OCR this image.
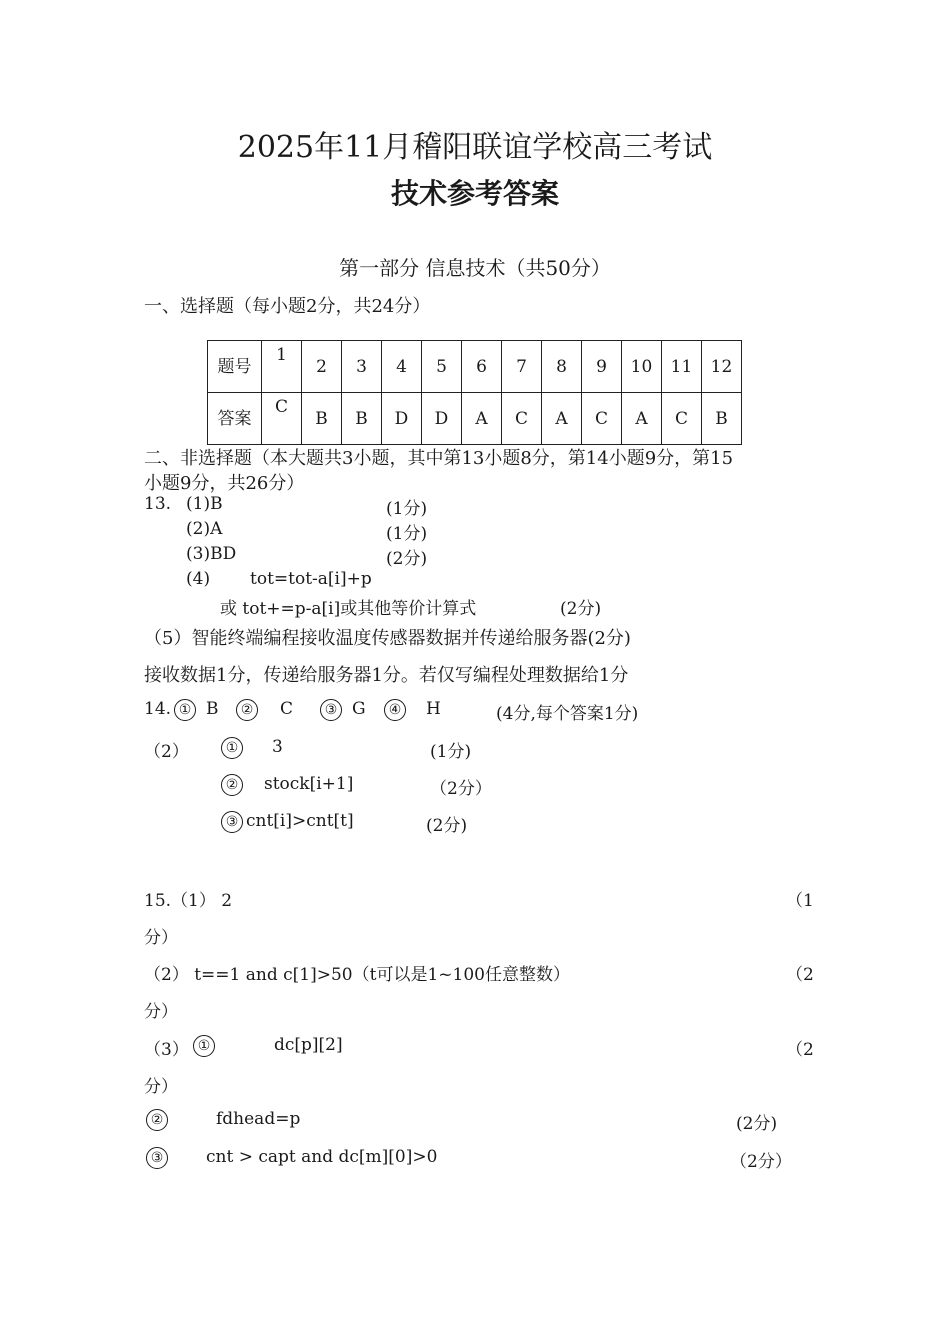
2025年11月稽阳联谊学校高三考试
技术参考答案
第一部分 信息技术（共50分）
一、选择题（每小题2分，共24分）
题号	1	2	3	4	5	6	7	8	9	10	11	12
答案	C	B	B	D	D	A	C	A	C	A	C	B
二、非选择题（本大题共3小题，其中第13小题8分，第14小题9分，第15
小题9分，共26分）
13. (1)B	(1分)
(2)A	(1分)
(3)BD	(2分)
(4) tot=tot-a[i]+p
或 tot+=p-a[i]或其他等价计算式	(2分)
（5）智能终端编程接收温度传感器数据并传递给服务器(2分)
接收数据1分，传递给服务器1分。若仅写编程处理数据给1分
14. ① B	② C	③ G	④ H	(4分,每个答案1分)
（2）	① 3	(1分)
② stock[i+1]	（2分）
③ cnt[i]>cnt[t]	(2分)
15.（1） 2	（1
分）
（2） t==1 and c[1]>50（t可以是1~100任意整数）	（2
分）
（3） ①	dc[p][2]	（2
分）
②	fdhead=p	(2分)
③	cnt > capt and dc[m][0]>0	（2分）
